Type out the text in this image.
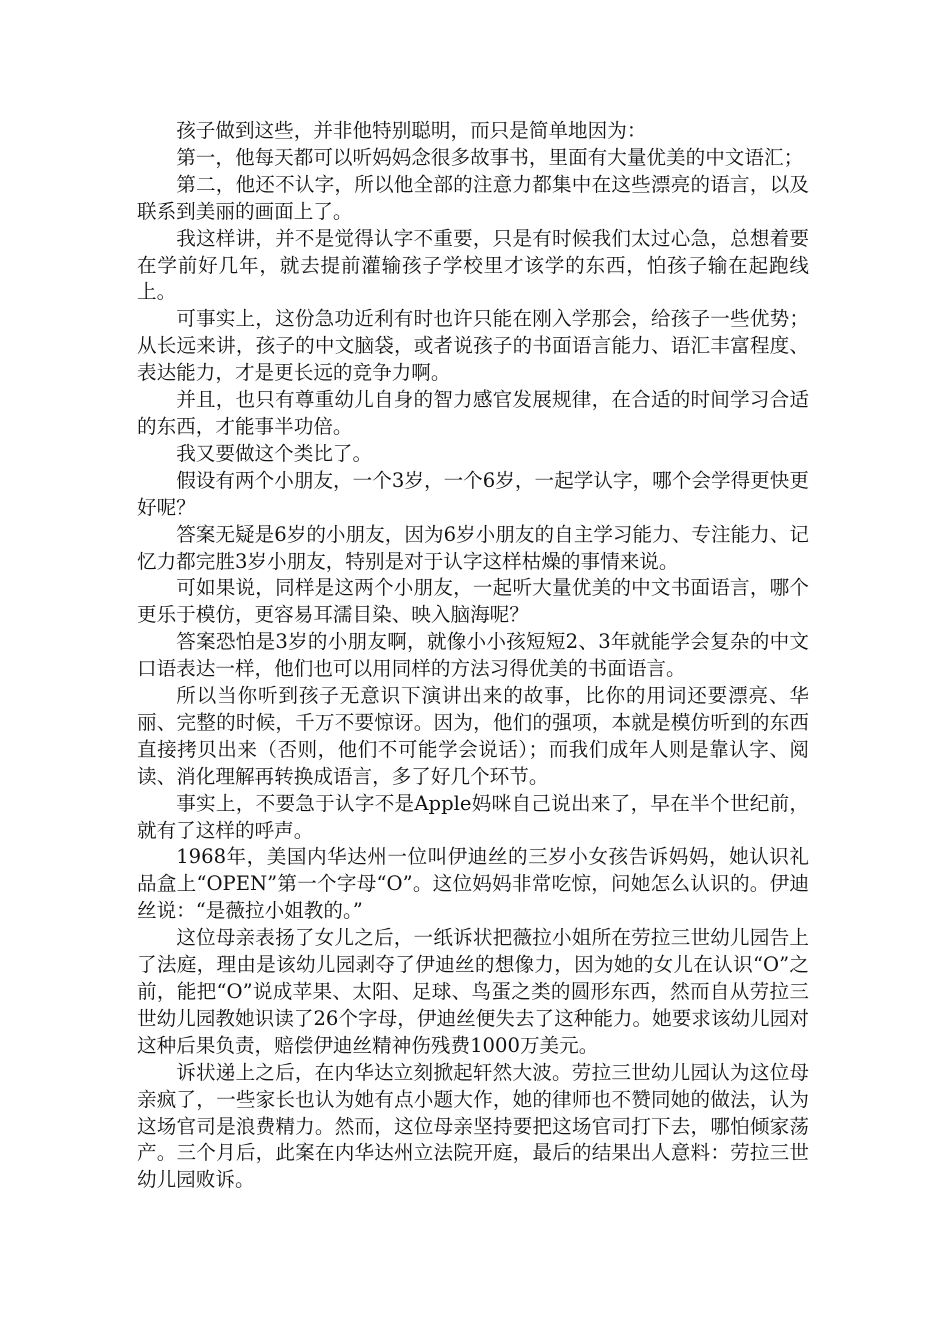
孩子做到这些，并非他特别聪明，而只是简单地因为：

第一，他每天都可以听妈妈念很多故事书，里面有大量优美的中文语汇；

第二，他还不认字，所以他全部的注意力都集中在这些漂亮的语言，以及联系到美丽的画面上了。

我这样讲，并不是觉得认字不重要，只是有时候我们太过心急，总想着要在学前好几年，就去提前灌输孩子学校里才该学的东西，怕孩子输在起跑线上。

可事实上，这份急功近利有时也许只能在刚入学那会，给孩子一些优势；从长远来讲，孩子的中文脑袋，或者说孩子的书面语言能力、语汇丰富程度、表达能力，才是更长远的竞争力啊。

并且，也只有尊重幼儿自身的智力感官发展规律，在合适的时间学习合适的东西，才能事半功倍。

我又要做这个类比了。

假设有两个小朋友，一个3岁，一个6岁，一起学认字，哪个会学得更快更好呢？

答案无疑是6岁的小朋友，因为6岁小朋友的自主学习能力、专注能力、记忆力都完胜3岁小朋友，特别是对于认字这样枯燥的事情来说。

可如果说，同样是这两个小朋友，一起听大量优美的中文书面语言，哪个更乐于模仿，更容易耳濡目染、映入脑海呢？

答案恐怕是3岁的小朋友啊，就像小小孩短短2、3年就能学会复杂的中文口语表达一样，他们也可以用同样的方法习得优美的书面语言。

所以当你听到孩子无意识下演讲出来的故事，比你的用词还要漂亮、华丽、完整的时候，千万不要惊讶。因为，他们的强项，本就是模仿听到的东西直接拷贝出来（否则，他们不可能学会说话）；而我们成年人则是靠认字、阅读、消化理解再转换成语言，多了好几个环节。

事实上，不要急于认字不是Apple妈咪自己说出来了，早在半个世纪前，就有了这样的呼声。

1968年，美国内华达州一位叫伊迪丝的三岁小女孩告诉妈妈，她认识礼品盒上“OPEN”第一个字母“O”。这位妈妈非常吃惊，问她怎么认识的。伊迪丝说：“是薇拉小姐教的。”

这位母亲表扬了女儿之后，一纸诉状把薇拉小姐所在劳拉三世幼儿园告上了法庭，理由是该幼儿园剥夺了伊迪丝的想像力，因为她的女儿在认识“O”之前，能把“O”说成苹果、太阳、足球、鸟蛋之类的圆形东西，然而自从劳拉三世幼儿园教她识读了26个字母，伊迪丝便失去了这种能力。她要求该幼儿园对这种后果负责，赔偿伊迪丝精神伤残费1000万美元。

诉状递上之后，在内华达立刻掀起轩然大波。劳拉三世幼儿园认为这位母亲疯了，一些家长也认为她有点小题大作，她的律师也不赞同她的做法，认为这场官司是浪费精力。然而，这位母亲坚持要把这场官司打下去，哪怕倾家荡产。三个月后，此案在内华达州立法院开庭，最后的结果出人意料：劳拉三世幼儿园败诉。
